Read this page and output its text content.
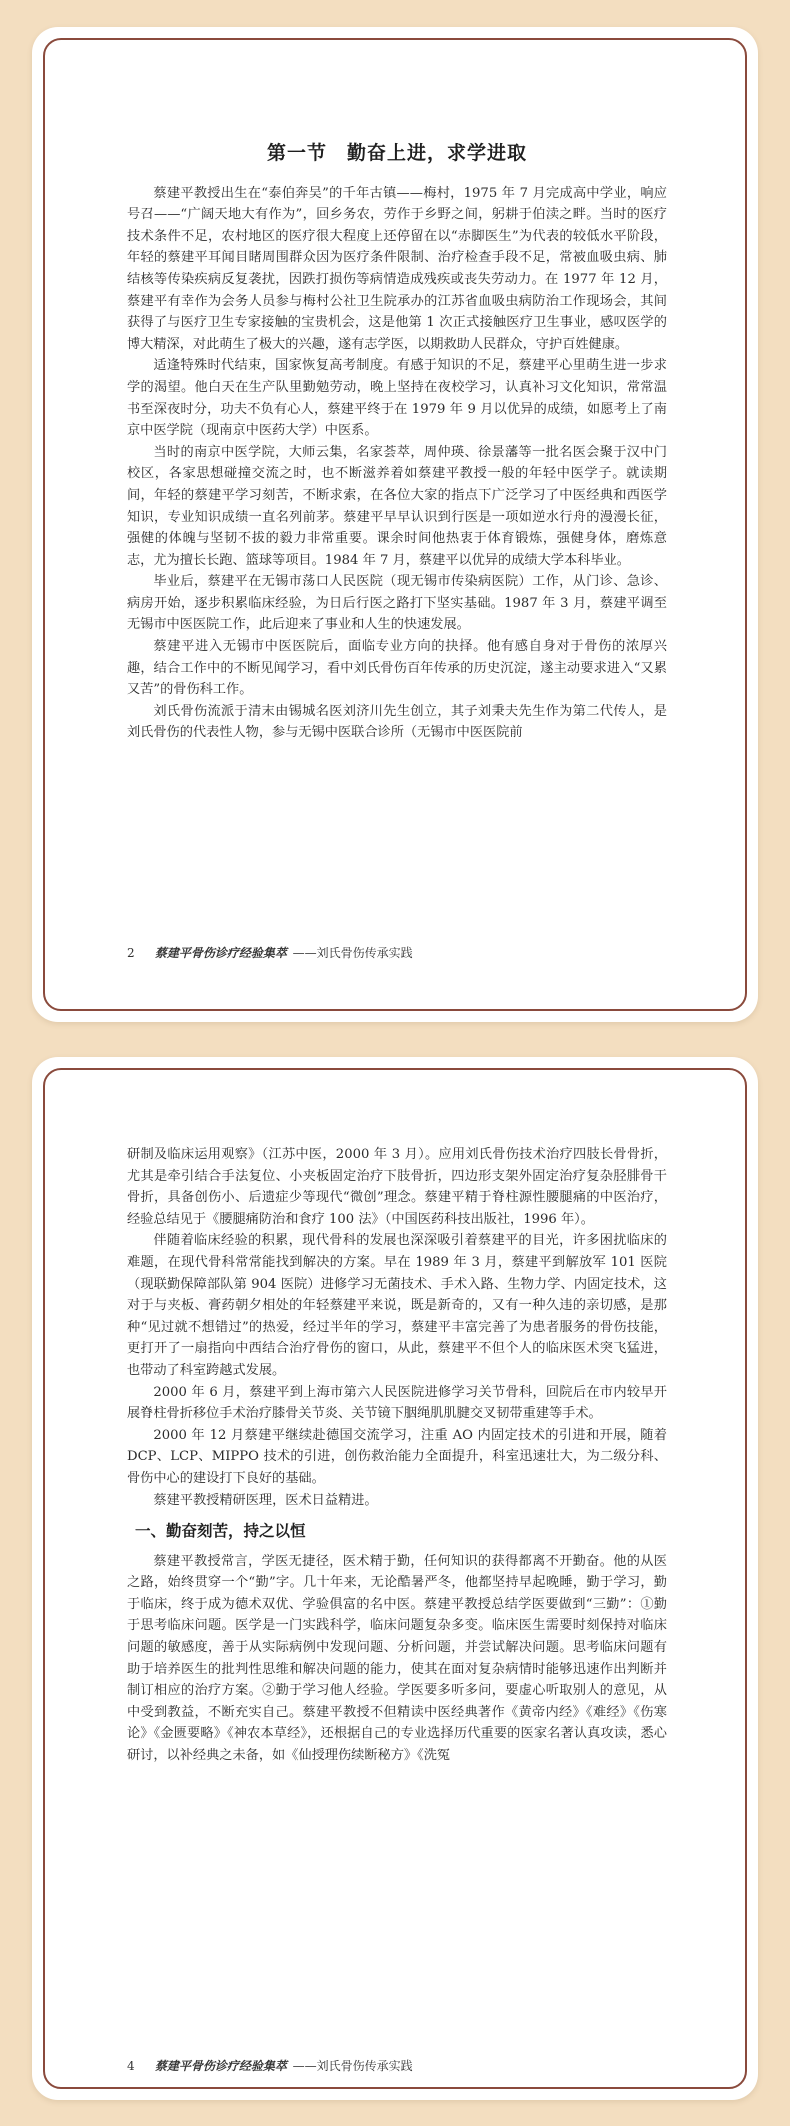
第一节　勤奋上进，求学进取

蔡建平教授出生在“泰伯奔吴”的千年古镇——梅村，1975 年 7 月完成高中学业，响应号召——“广阔天地大有作为”，回乡务农，劳作于乡野之间，躬耕于伯渎之畔。当时的医疗技术条件不足，农村地区的医疗很大程度上还停留在以“赤脚医生”为代表的较低水平阶段，年轻的蔡建平耳闻目睹周围群众因为医疗条件限制、治疗检查手段不足，常被血吸虫病、肺结核等传染疾病反复袭扰，因跌打损伤等病情造成残疾或丧失劳动力。在 1977 年 12 月，蔡建平有幸作为会务人员参与梅村公社卫生院承办的江苏省血吸虫病防治工作现场会，其间获得了与医疗卫生专家接触的宝贵机会，这是他第 1 次正式接触医疗卫生事业，感叹医学的博大精深，对此萌生了极大的兴趣，遂有志学医，以期救助人民群众，守护百姓健康。

适逢特殊时代结束，国家恢复高考制度。有感于知识的不足，蔡建平心里萌生进一步求学的渴望。他白天在生产队里勤勉劳动，晚上坚持在夜校学习，认真补习文化知识，常常温书至深夜时分，功夫不负有心人，蔡建平终于在 1979 年 9 月以优异的成绩，如愿考上了南京中医学院（现南京中医药大学）中医系。

当时的南京中医学院，大师云集，名家荟萃，周仲瑛、徐景藩等一批名医会聚于汉中门校区，各家思想碰撞交流之时，也不断滋养着如蔡建平教授一般的年轻中医学子。就读期间，年轻的蔡建平学习刻苦，不断求索，在各位大家的指点下广泛学习了中医经典和西医学知识，专业知识成绩一直名列前茅。蔡建平早早认识到行医是一项如逆水行舟的漫漫长征，强健的体魄与坚韧不拔的毅力非常重要。课余时间他热衷于体育锻炼，强健身体，磨炼意志，尤为擅长长跑、篮球等项目。1984 年 7 月，蔡建平以优异的成绩大学本科毕业。

毕业后，蔡建平在无锡市荡口人民医院（现无锡市传染病医院）工作，从门诊、急诊、病房开始，逐步积累临床经验，为日后行医之路打下坚实基础。1987 年 3 月，蔡建平调至无锡市中医医院工作，此后迎来了事业和人生的快速发展。

蔡建平进入无锡市中医医院后，面临专业方向的抉择。他有感自身对于骨伤的浓厚兴趣，结合工作中的不断见闻学习，看中刘氏骨伤百年传承的历史沉淀，遂主动要求进入“又累又苦”的骨伤科工作。

刘氏骨伤流派于清末由锡城名医刘济川先生创立，其子刘秉夫先生作为第二代传人，是刘氏骨伤的代表性人物，参与无锡中医联合诊所（无锡市中医医院前

2 蔡建平骨伤诊疗经验集萃 ——刘氏骨伤传承实践

研制及临床运用观察》（江苏中医，2000 年 3 月）。应用刘氏骨伤技术治疗四肢长骨骨折，尤其是牵引结合手法复位、小夹板固定治疗下肢骨折，四边形支架外固定治疗复杂胫腓骨干骨折，具备创伤小、后遗症少等现代“微创”理念。蔡建平精于脊柱源性腰腿痛的中医治疗，经验总结见于《腰腿痛防治和食疗 100 法》（中国医药科技出版社，1996 年）。

伴随着临床经验的积累，现代骨科的发展也深深吸引着蔡建平的目光，许多困扰临床的难题，在现代骨科常常能找到解决的方案。早在 1989 年 3 月，蔡建平到解放军 101 医院（现联勤保障部队第 904 医院）进修学习无菌技术、手术入路、生物力学、内固定技术，这对于与夹板、膏药朝夕相处的年轻蔡建平来说，既是新奇的，又有一种久违的亲切感，是那种“见过就不想错过”的热爱，经过半年的学习，蔡建平丰富完善了为患者服务的骨伤技能，更打开了一扇指向中西结合治疗骨伤的窗口，从此，蔡建平不但个人的临床医术突飞猛进，也带动了科室跨越式发展。

2000 年 6 月，蔡建平到上海市第六人民医院进修学习关节骨科，回院后在市内较早开展脊柱骨折移位手术治疗膝骨关节炎、关节镜下胭绳肌肌腱交叉韧带重建等手术。

2000 年 12 月蔡建平继续赴德国交流学习，注重 AO 内固定技术的引进和开展，随着 DCP、LCP、MIPPO 技术的引进，创伤救治能力全面提升，科室迅速壮大，为二级分科、骨伤中心的建设打下良好的基础。

蔡建平教授精研医理，医术日益精进。

一、勤奋刻苦，持之以恒

蔡建平教授常言，学医无捷径，医术精于勤，任何知识的获得都离不开勤奋。他的从医之路，始终贯穿一个“勤”字。几十年来，无论酷暑严冬，他都坚持早起晚睡，勤于学习，勤于临床，终于成为德术双优、学验俱富的名中医。蔡建平教授总结学医要做到“三勤”：①勤于思考临床问题。医学是一门实践科学，临床问题复杂多变。临床医生需要时刻保持对临床问题的敏感度，善于从实际病例中发现问题、分析问题，并尝试解决问题。思考临床问题有助于培养医生的批判性思维和解决问题的能力，使其在面对复杂病情时能够迅速作出判断并制订相应的治疗方案。②勤于学习他人经验。学医要多听多问，要虚心听取别人的意见，从中受到教益，不断充实自己。蔡建平教授不但精读中医经典著作《黄帝内经》《难经》《伤寒论》《金匮要略》《神农本草经》，还根据自己的专业选择历代重要的医家名著认真攻读，悉心研讨，以补经典之未备，如《仙授理伤续断秘方》《洗冤

4 蔡建平骨伤诊疗经验集萃 ——刘氏骨伤传承实践
